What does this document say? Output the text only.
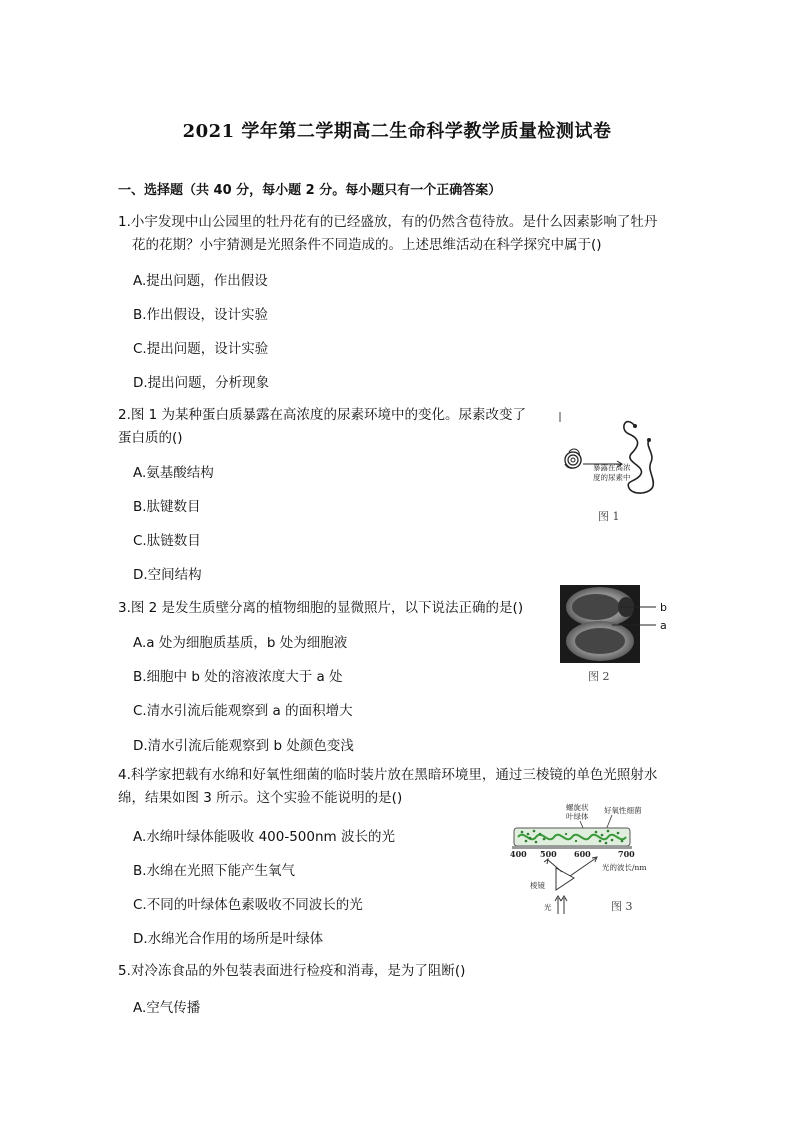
2021 学年第二学期高二生命科学教学质量检测试卷
一、选择题（共 40 分，每小题 2 分。每小题只有一个正确答案）
1.小宇发现中山公园里的牡丹花有的已经盛放，有的仍然含苞待放。是什么因素影响了牡丹
花的花期？小宇猜测是光照条件不同造成的。上述思维活动在科学探究中属于()
A.提出问题，作出假设
B.作出假设，设计实验
C.提出问题，设计实验
D.提出问题，分析现象
2.图 1 为某种蛋白质暴露在高浓度的尿素环境中的变化。尿素改变了
蛋白质的()
A.氨基酸结构
B.肽键数目
C.肽链数目
D.空间结构
暴露在高浓
度的尿素中
图 1
3.图 2 是发生质壁分离的植物细胞的显微照片，以下说法正确的是()
A.a 处为细胞质基质，b 处为细胞液
B.细胞中 b 处的溶液浓度大于 a 处
C.清水引流后能观察到 a 的面积增大
D.清水引流后能观察到 b 处颜色变浅
b
a
图 2
4.科学家把载有水绵和好氧性细菌的临时装片放在黑暗环境里，通过三棱镜的单色光照射水
绵，结果如图 3 所示。这个实验不能说明的是()
A.水绵叶绿体能吸收 400-500nm 波长的光
B.水绵在光照下能产生氧气
C.不同的叶绿体色素吸收不同波长的光
D.水绵光合作用的场所是叶绿体
螺旋状
叶绿体
好氧性细菌
400 500 600	700
光的波长/nm
棱镜
光	图 3
5.对冷冻食品的外包装表面进行检疫和消毒，是为了阻断()
A.空气传播
